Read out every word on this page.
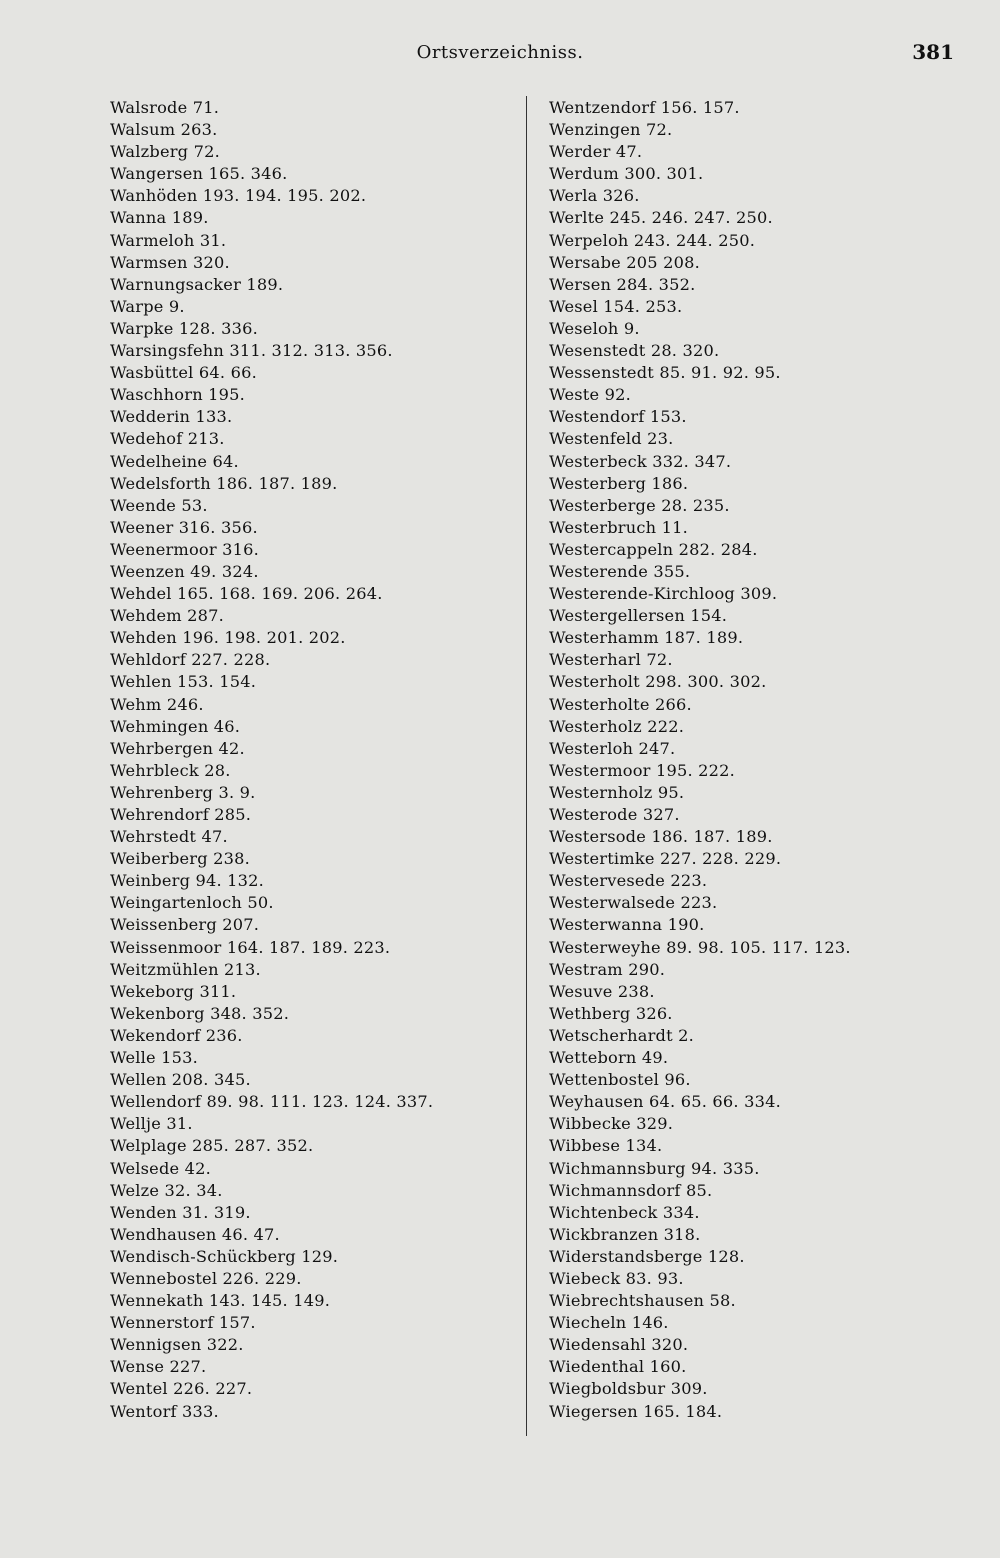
Ortsverzeichniss.	381
Walsrode 71.
Walsum 263.
Walzberg 72.
Wangersen 165. 346.
Wanhöden 193. 194. 195. 202.
Wanna 189.
Warmeloh 31.
Warmsen 320.
Warnungsacker 189.
Warpe 9.
Warpke 128. 336.
Warsingsfehn 311. 312. 313. 356.
Wasbüttel 64. 66.
Waschhorn 195.
Wedderin 133.
Wedehof 213.
Wedelheine 64.
Wedelsforth 186. 187. 189.
Weende 53.
Weener 316. 356.
Weenermoor 316.
Weenzen 49. 324.
Wehdel 165. 168. 169. 206. 264.
Wehdem 287.
Wehden 196. 198. 201. 202.
Wehldorf 227. 228.
Wehlen 153. 154.
Wehm 246.
Wehmingen 46.
Wehrbergen 42.
Wehrbleck 28.
Wehrenberg 3. 9.
Wehrendorf 285.
Wehrstedt 47.
Weiberberg 238.
Weinberg 94. 132.
Weingartenloch 50.
Weissenberg 207.
Weissenmoor 164. 187. 189. 223.
Weitzmühlen 213.
Wekeborg 311.
Wekenborg 348. 352.
Wekendorf 236.
Welle 153.
Wellen 208. 345.
Wellendorf 89. 98. 111. 123. 124. 337.
Wellje 31.
Welplage 285. 287. 352.
Welsede 42.
Welze 32. 34.
Wenden 31. 319.
Wendhausen 46. 47.
Wendisch-Schückberg 129.
Wennebostel 226. 229.
Wennekath 143. 145. 149.
Wennerstorf 157.
Wennigsen 322.
Wense 227.
Wentel 226. 227.
Wentorf 333.
Wentzendorf 156. 157.
Wenzingen 72.
Werder 47.
Werdum 300. 301.
Werla 326.
Werlte 245. 246. 247. 250.
Werpeloh 243. 244. 250.
Wersabe 205 208.
Wersen 284. 352.
Wesel 154. 253.
Weseloh 9.
Wesenstedt 28. 320.
Wessenstedt 85. 91. 92. 95.
Weste 92.
Westendorf 153.
Westenfeld 23.
Westerbeck 332. 347.
Westerberg 186.
Westerberge 28. 235.
Westerbruch 11.
Westercappeln 282. 284.
Westerende 355.
Westerende-Kirchloog 309.
Westergellersen 154.
Westerhamm 187. 189.
Westerharl 72.
Westerholt 298. 300. 302.
Westerholte 266.
Westerholz 222.
Westerloh 247.
Westermoor 195. 222.
Westernholz 95.
Westerode 327.
Westersode 186. 187. 189.
Westertimke 227. 228. 229.
Westervesede 223.
Westerwalsede 223.
Westerwanna 190.
Westerweyhe 89. 98. 105. 117. 123.
Westram 290.
Wesuve 238.
Wethberg 326.
Wetscherhardt 2.
Wetteborn 49.
Wettenbostel 96.
Weyhausen 64. 65. 66. 334.
Wibbecke 329.
Wibbese 134.
Wichmannsburg 94. 335.
Wichmannsdorf 85.
Wichtenbeck 334.
Wickbranzen 318.
Widerstandsberge 128.
Wiebeck 83. 93.
Wiebrechtshausen 58.
Wiecheln 146.
Wiedensahl 320.
Wiedenthal 160.
Wiegboldsbur 309.
Wiegersen 165. 184.
